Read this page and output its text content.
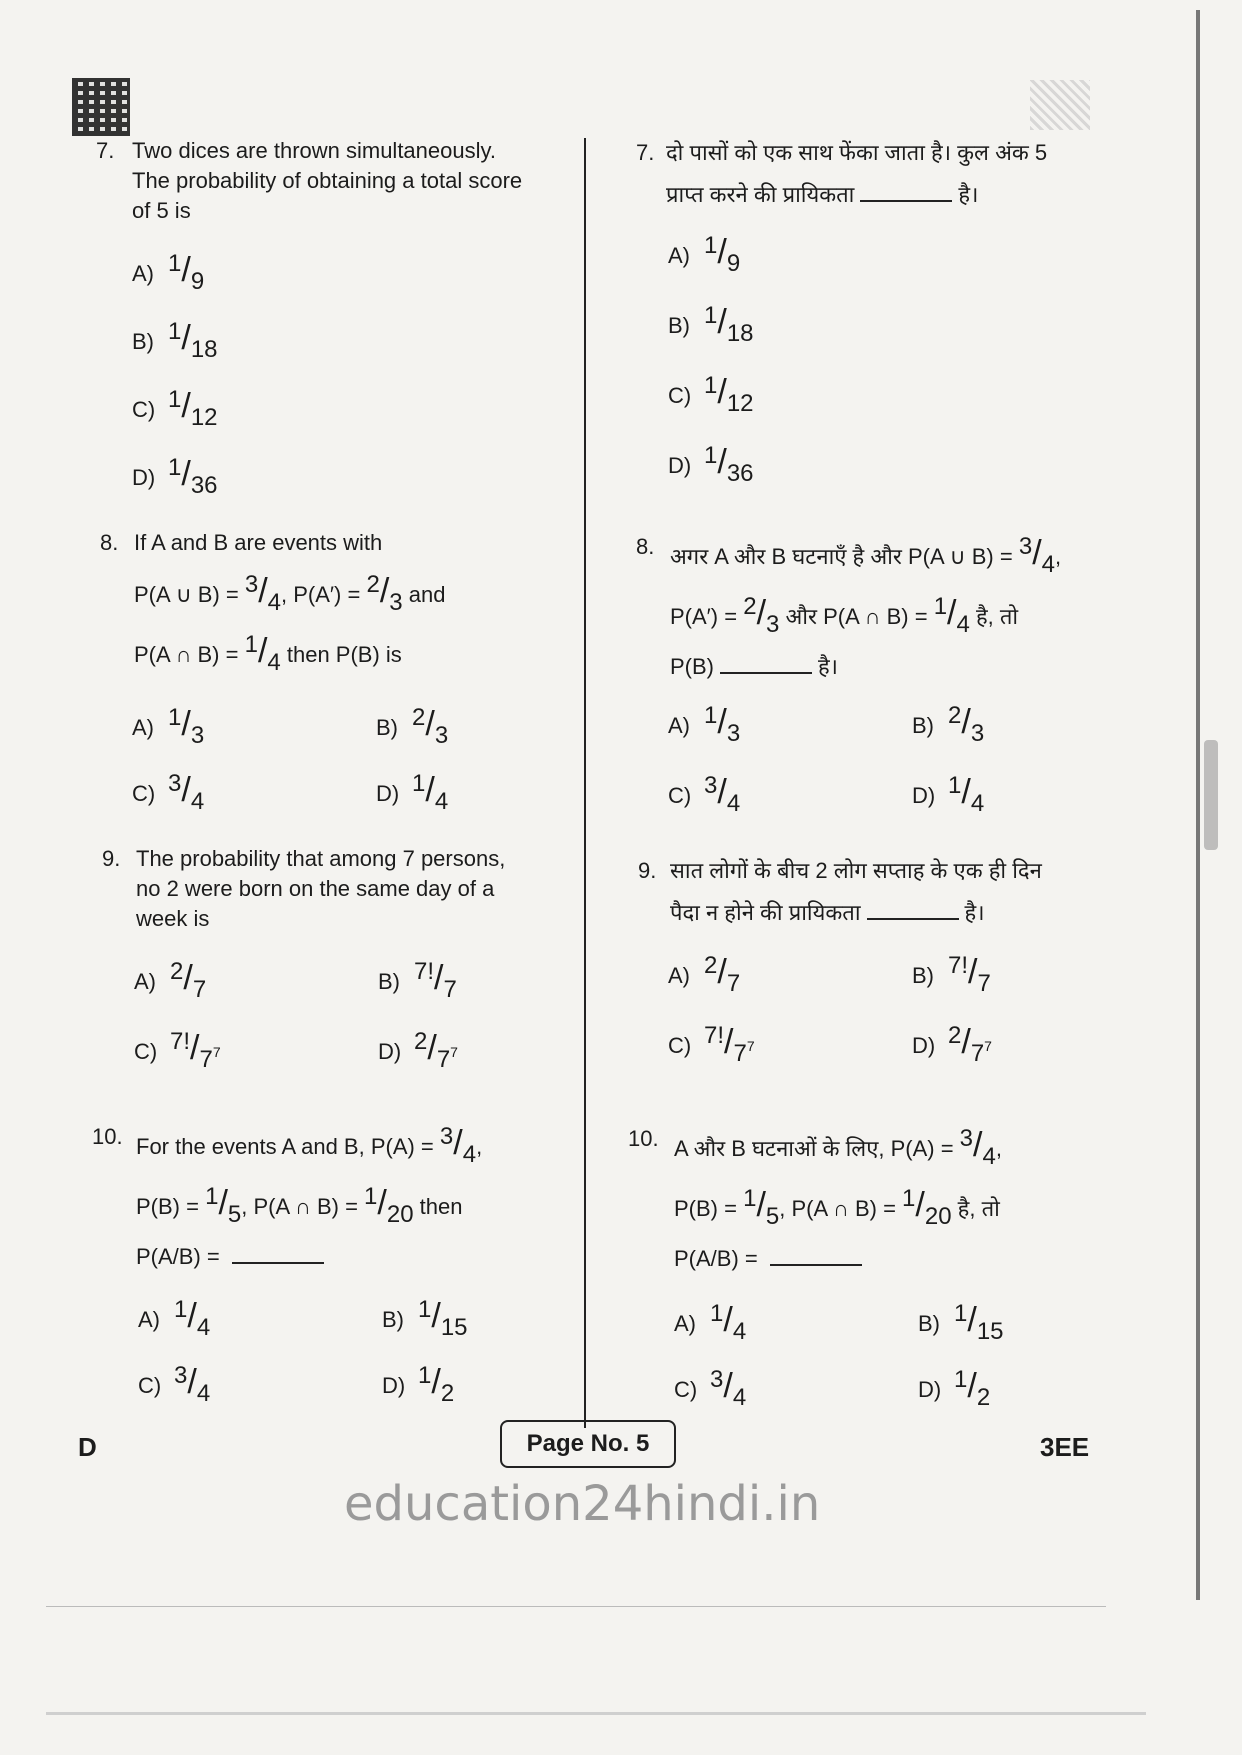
7. Two dices are thrown simultaneously.
The probability of obtaining a total score
of 5 is
A) $^1/_9$
B) $^1/_{18}$
C) $^1/_{12}$
D) $^1/_{36}$
8. If A and B are events with
P(A ∪ $B) = ^3/_4$, $P(A') = ^2/_3$ and
P(A ∩ $B) = ^1/_4$ then P(B) is
A) $^1/_3$	B) $^2/_3$
C) $^3/_4$	D) $^1/_4$
9. The probability that among 7 persons,
no 2 were born on the same day of a
week is
A) $^2/_7$	B) $^{7!}/_7$
C) $^{7!}/_{7^7}$	D) $^2/_{7^7}$
10. For the events A and B, $P(A) = ^3/_4$,
$P(B) = ^1/_5$, P(A ∩ $B) = ^1/_{20}$ then
P(A/B) =
A) $^1/_4$	B) $^1/_{15}$
C) $^3/_4$	D) $^1/_2$
7. दो पासों को एक साथ फेंका जाता है। कुल अंक 5
प्राप्त करने की प्रायिकता	है।
A) $^1/_9$
B) $^1/_{18}$
C) $^1/_{12}$
D) $^1/_{36}$
8. अगर A और B घटनाएँ है और P(A ∪ $B) = ^3/_4$,
$P(A') = ^2/_3$ और P(A ∩ $B) = ^1/_4$ है, तो
P(B)	है।
A) $^1/_3$	B) $^2/_3$
C) $^3/_4$	D) $^1/_4$
9. सात लोगों के बीच 2 लोग सप्ताह के एक ही दिन
पैदा न होने की प्रायिकता	है।
A) $^2/_7$	B) $^{7!}/_7$
C) $^{7!}/_{7^7}$	D) $^2/_{7^7}$
10. A और B घटनाओं के लिए, $P(A) = ^3/_4$,
$P(B) = ^1/_5$, P(A ∩ $B) = ^1/_{20}$ है, तो
P(A/B) =
A) $^1/_4$	B) $^1/_{15}$
C) $^3/_4$	D) $^1/_2$
D	Page No. 5	3EE
education24hindi.in
